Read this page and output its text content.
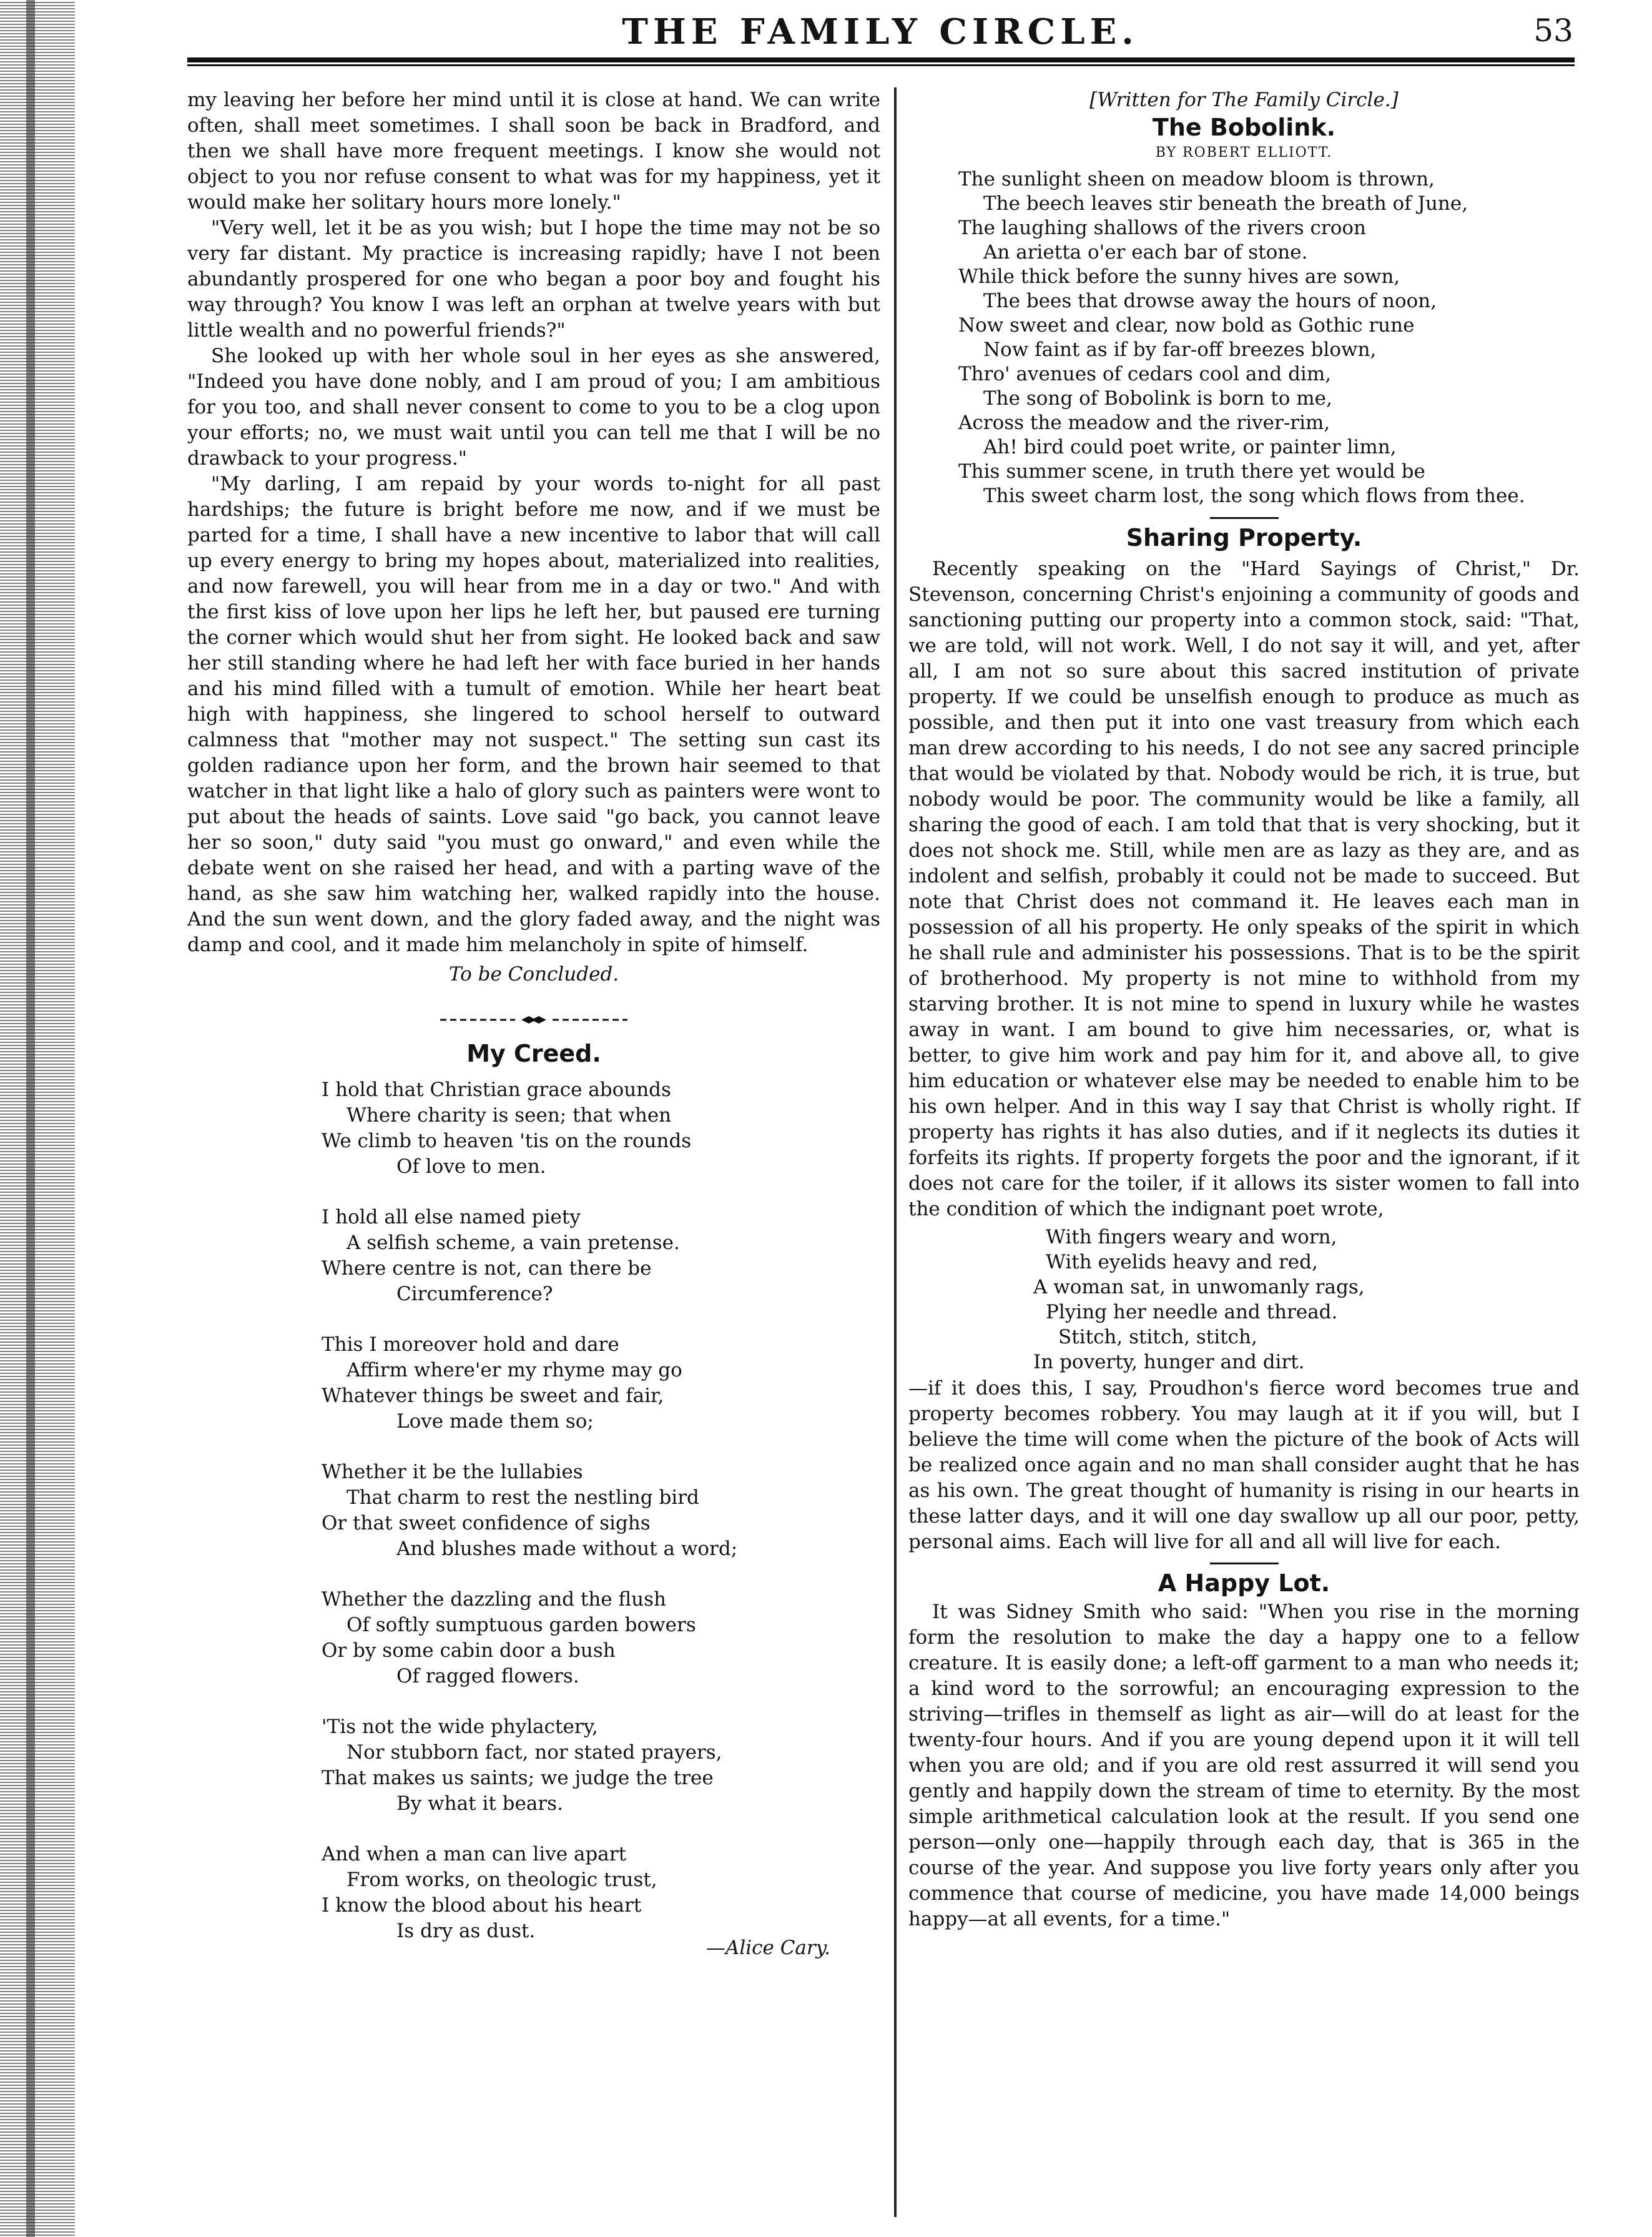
THE FAMILY CIRCLE.	53

my leaving her before her mind until it is close at hand. We can write often, shall meet sometimes. I shall soon be back in Bradford, and then we shall have more frequent meetings. I know she would not object to you nor refuse consent to what was for my happiness, yet it would make her solitary hours more lonely."

"Very well, let it be as you wish; but I hope the time may not be so very far distant. My practice is increasing rapidly; have I not been abundantly prospered for one who began a poor boy and fought his way through? You know I was left an orphan at twelve years with but little wealth and no powerful friends?"

She looked up with her whole soul in her eyes as she answered, "Indeed you have done nobly, and I am proud of you; I am ambitious for you too, and shall never consent to come to you to be a clog upon your efforts; no, we must wait until you can tell me that I will be no drawback to your progress."

"My darling, I am repaid by your words to-night for all past hardships; the future is bright before me now, and if we must be parted for a time, I shall have a new incentive to labor that will call up every energy to bring my hopes about, materialized into realities, and now farewell, you will hear from me in a day or two." And with the first kiss of love upon her lips he left her, but paused ere turning the corner which would shut her from sight. He looked back and saw her still standing where he had left her with face buried in her hands and his mind filled with a tumult of emotion. While her heart beat high with happiness, she lingered to school herself to outward calmness that "mother may not suspect." The setting sun cast its golden radiance upon her form, and the brown hair seemed to that watcher in that light like a halo of glory such as painters were wont to put about the heads of saints. Love said "go back, you cannot leave her so soon," duty said "you must go onward," and even while the debate went on she raised her head, and with a parting wave of the hand, as she saw him watching her, walked rapidly into the house. And the sun went down, and the glory faded away, and the night was damp and cool, and it made him melancholy in spite of himself.

To be Concluded.
My Creed.
I hold that Christian grace abounds
Where charity is seen; that when
We climb to heaven 'tis on the rounds
Of love to men.
I hold all else named piety
A selfish scheme, a vain pretense.
Where centre is not, can there be
Circumference?
This I moreover hold and dare
Affirm where'er my rhyme may go
Whatever things be sweet and fair,
Love made them so;
Whether it be the lullabies
That charm to rest the nestling bird
Or that sweet confidence of sighs
And blushes made without a word;
Whether the dazzling and the flush
Of softly sumptuous garden bowers
Or by some cabin door a bush
Of ragged flowers.
'Tis not the wide phylactery,
Nor stubborn fact, nor stated prayers,
That makes us saints; we judge the tree
By what it bears.
And when a man can live apart
From works, on theologic trust,
I know the blood about his heart
Is dry as dust.
—Alice Cary.
[Written for The Family Circle.]
The Bobolink.
BY ROBERT ELLIOTT.
The sunlight sheen on meadow bloom is thrown,
The beech leaves stir beneath the breath of June,
The laughing shallows of the rivers croon
An arietta o'er each bar of stone.
While thick before the sunny hives are sown,
The bees that drowse away the hours of noon,
Now sweet and clear, now bold as Gothic rune
Now faint as if by far-off breezes blown,
Thro' avenues of cedars cool and dim,
The song of Bobolink is born to me,
Across the meadow and the river-rim,
Ah! bird could poet write, or painter limn,
This summer scene, in truth there yet would be
This sweet charm lost, the song which flows from thee.
Sharing Property.

Recently speaking on the "Hard Sayings of Christ," Dr. Stevenson, concerning Christ's enjoining a community of goods and sanctioning putting our property into a common stock, said: "That, we are told, will not work. Well, I do not say it will, and yet, after all, I am not so sure about this sacred institution of private property. If we could be unselfish enough to produce as much as possible, and then put it into one vast treasury from which each man drew according to his needs, I do not see any sacred principle that would be violated by that. Nobody would be rich, it is true, but nobody would be poor. The community would be like a family, all sharing the good of each. I am told that that is very shocking, but it does not shock me. Still, while men are as lazy as they are, and as indolent and selfish, probably it could not be made to succeed. But note that Christ does not command it. He leaves each man in possession of all his property. He only speaks of the spirit in which he shall rule and administer his possessions. That is to be the spirit of brotherhood. My property is not mine to withhold from my starving brother. It is not mine to spend in luxury while he wastes away in want. I am bound to give him necessaries, or, what is better, to give him work and pay him for it, and above all, to give him education or whatever else may be needed to enable him to be his own helper. And in this way I say that Christ is wholly right. If property has rights it has also duties, and if it neglects its duties it forfeits its rights. If property forgets the poor and the ignorant, if it does not care for the toiler, if it allows its sister women to fall into the condition of which the indignant poet wrote,

With fingers weary and worn,
With eyelids heavy and red,
A woman sat, in unwomanly rags,
Plying her needle and thread.
Stitch, stitch, stitch,
In poverty, hunger and dirt.

—if it does this, I say, Proudhon's fierce word becomes true and property becomes robbery. You may laugh at it if you will, but I believe the time will come when the picture of the book of Acts will be realized once again and no man shall consider aught that he has as his own. The great thought of humanity is rising in our hearts in these latter days, and it will one day swallow up all our poor, petty, personal aims. Each will live for all and all will live for each.

A Happy Lot.

It was Sidney Smith who said: "When you rise in the morning form the resolution to make the day a happy one to a fellow creature. It is easily done; a left-off garment to a man who needs it; a kind word to the sorrowful; an encouraging expression to the striving—trifles in themself as light as air—will do at least for the twenty-four hours. And if you are young depend upon it it will tell when you are old; and if you are old rest assurred it will send you gently and happily down the stream of time to eternity. By the most simple arithmetical calculation look at the result. If you send one person—only one—happily through each day, that is 365 in the course of the year. And suppose you live forty years only after you commence that course of medicine, you have made 14,000 beings happy—at all events, for a time."
